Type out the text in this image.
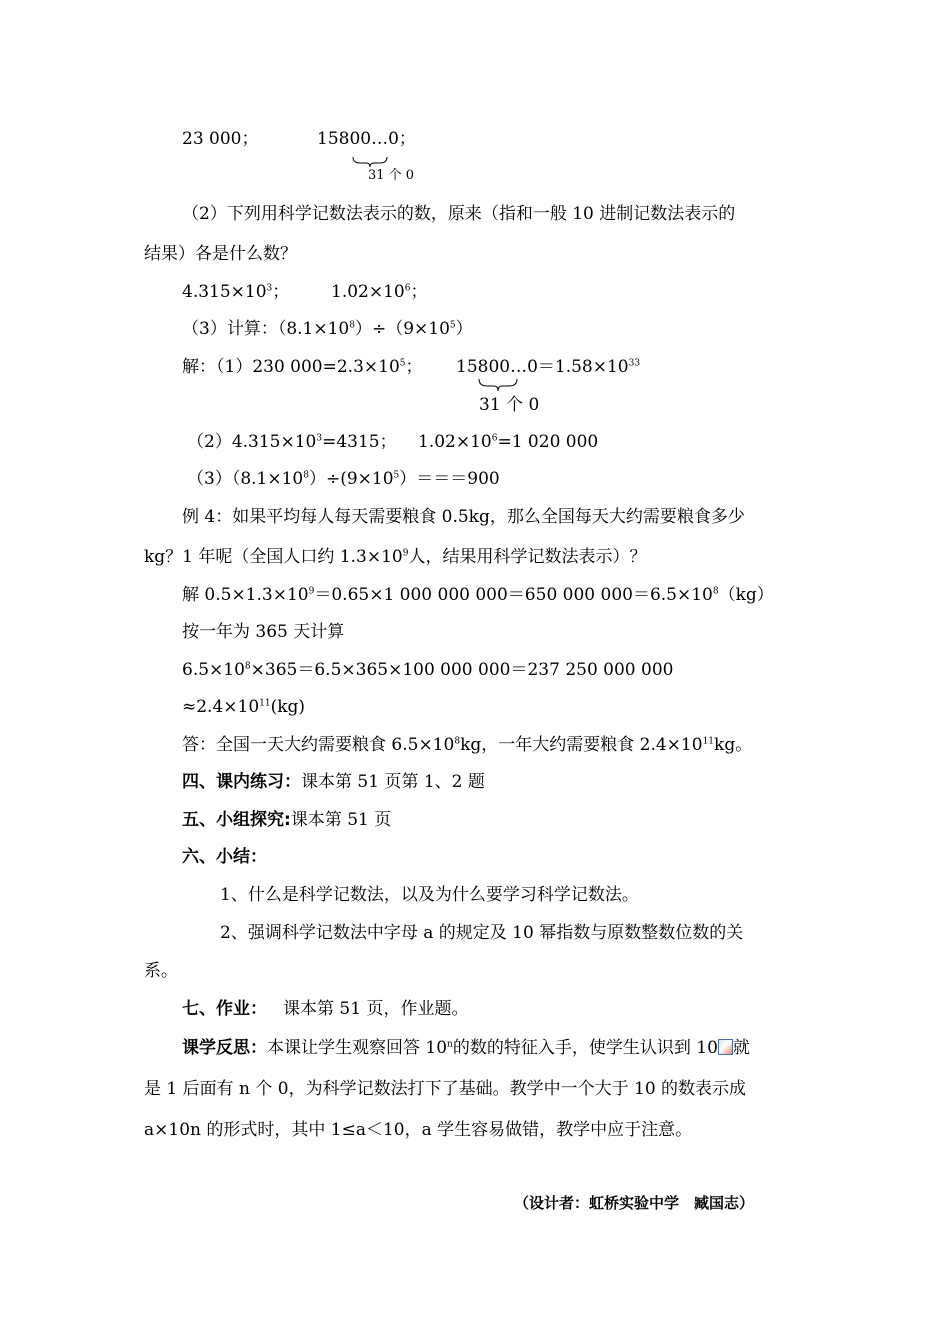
23 000；	15800…0；
31 个 0
（2）下列用科学记数法表示的数，原来（指和一般 10 进制记数法表示的
结果）各是什么数？
$4.315\times 10^3$； $1.02\times 10^6$；
（3）计算：$(8.1\times 10^8)\div(9\times 10^5)$
解：（1）230 $000=2.3\times 10^5$； $15800\dots 0=1.58\times 10^{33}$
31 个 0
$(2)4.315\times 10^3=4315$； $1.02\times 10^6=1$ 020 000
$(3)(8.1\times 10^8)\div(9\times 10^5)===900$
例 4：如果平均每人每天需要粮食 0.5kg，那么全国每天大约需要粮食多少
kg？1 年呢（全国人口约 $1.3\times 10^9$人，结果用科学记数法表示）？
解 $0.5\times 1.3\times 10^9=0.65\times 1$ 000 000 000＝650 000 $000=6.5\times 10^8(kg)$
按一年为 365 天计算
$6.5\times 10^8\times 365=6.5\times 365\times 100$ 000 000＝237 250 000 000
$\approx 2.4\times 10^{11}(kg)$
答：全国一天大约需要粮食 $6.5\times 10^8kg$，一年大约需要粮食 $2.4\times 10^{11}kg$。
四、课内练习：课本第 51 页第 1、2 题
五、小组探究:课本第 51 页
六、小结：
1、什么是科学记数法，以及为什么要学习科学记数法。
2、强调科学记数法中字母 a 的规定及 10 幂指数与原数整数位数的关
系。
七、作业： 课本第 51 页，作业题。
课学反思：本课让学生观察回答 10$^n$的数的特征入手，使学生认识到 10 就
是 1 后面有 n 个 0，为科学记数法打下了基础。教学中一个大于 10 的数表示成
a×10n 的形式时，其中 1≤a＜10，a 学生容易做错，教学中应于注意。
（设计者：虹桥实验中学　臧国志）
